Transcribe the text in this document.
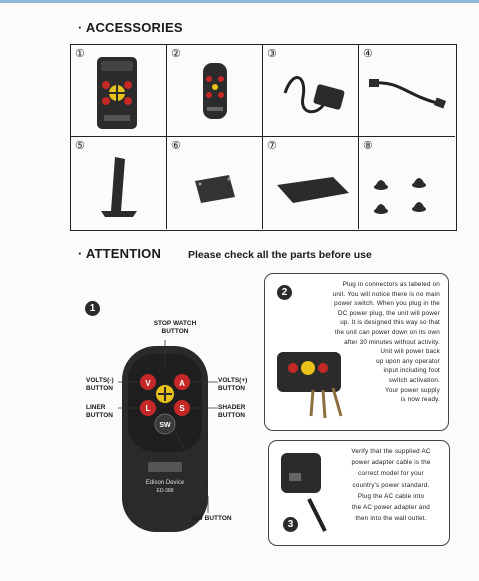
· ACCESSORIES
①	②	③	④
⑤	⑥	⑦	⑧
· ATTENTION	Please check all the parts before use
1
V	A
L	S
SW
Edison Device
ED-388
STOP WATCH BUTTON
VOLTS(-) BUTTON
VOLTS(+) BUTTON
LINER BUTTON
SHADER BUTTON
SW BUTTON
Plug in connectors as labeled on
unit. You will notice there is no main
power switch. When you plug in the
DC power plug, the unit will power
up. It is designed this way so that
the unit can power down on its own
after 30 minutes without activity.
Unit will power back
up upon any operator
input including foot
switch activation.
Your power supply
is now ready.
2
Verify that the supplied AC
power adapter cable is the
correct model for your
country's power standard.
Plug the AC cable into
the AC power adapter and
then into the wall outlet.
3
